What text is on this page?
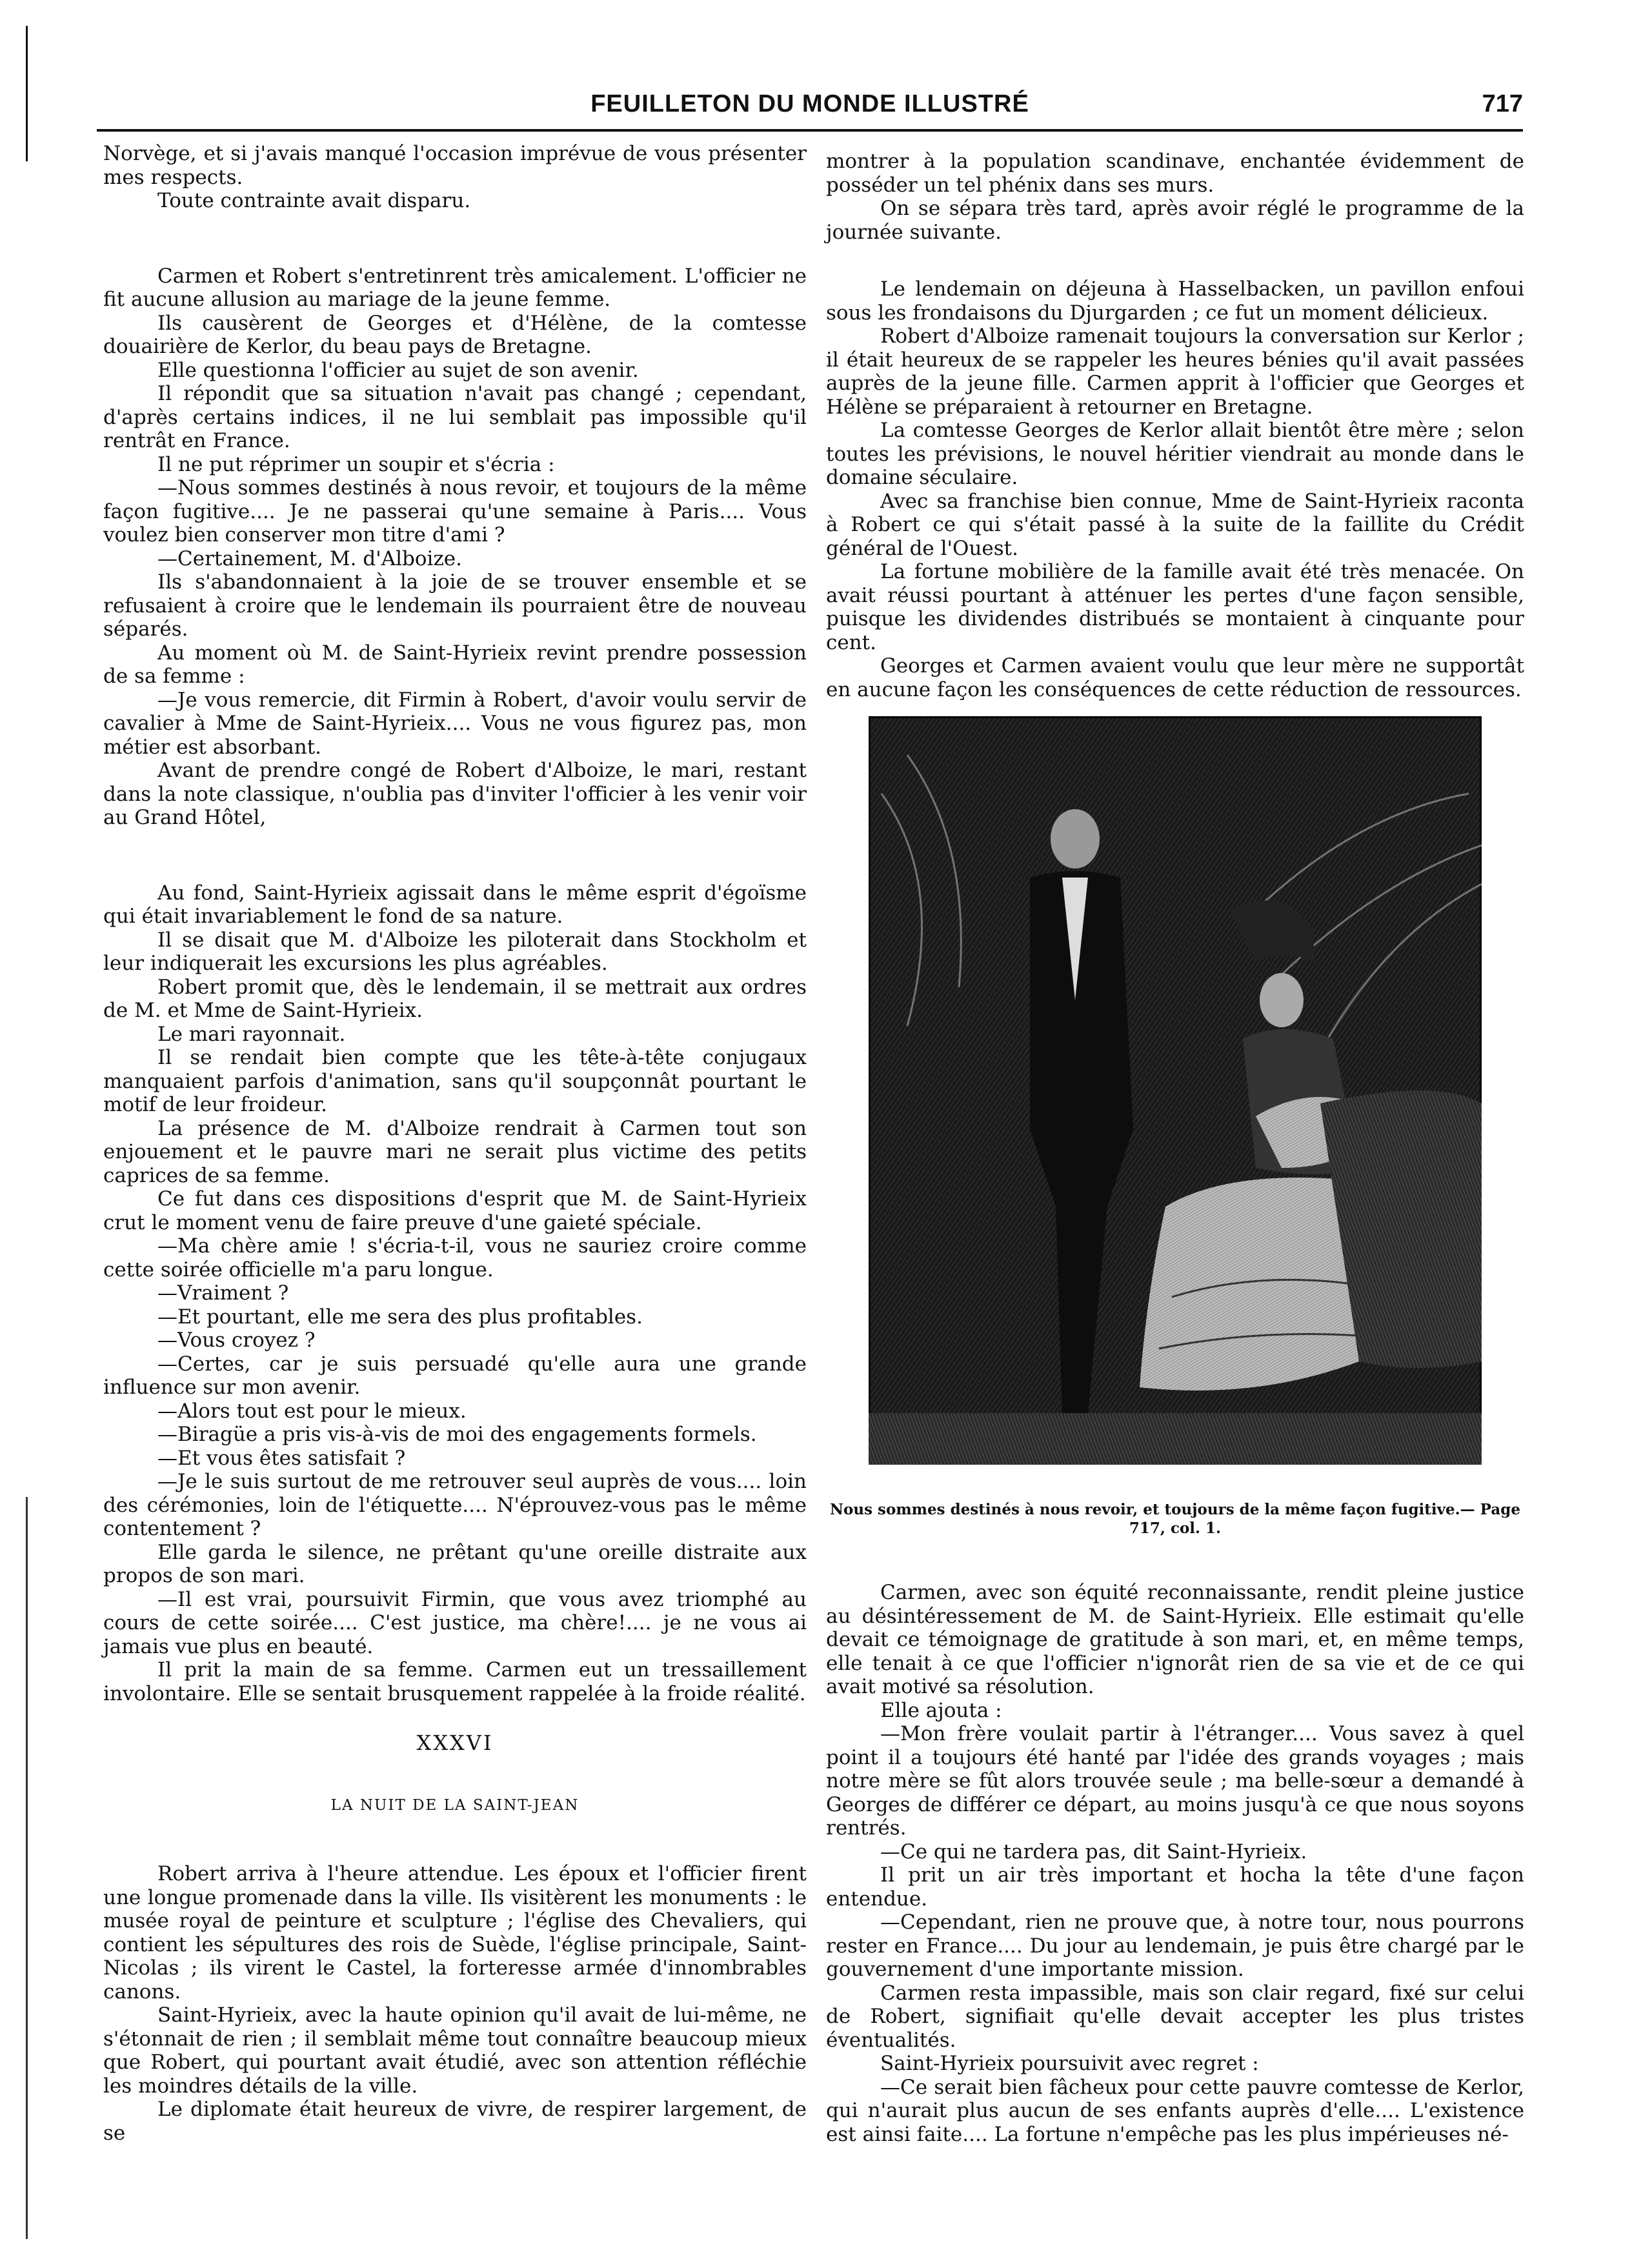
FEUILLETON DU MONDE ILLUSTRÉ	717

Norvège, et si j'avais manqué l'occasion imprévue de vous présenter mes respects.

Toute contrainte avait disparu.

Carmen et Robert s'entretinrent très amicalement. L'officier ne fit aucune allusion au mariage de la jeune femme.

Ils causèrent de Georges et d'Hélène, de la comtesse douairière de Kerlor, du beau pays de Bretagne.

Elle questionna l'officier au sujet de son avenir.

Il répondit que sa situation n'avait pas changé ; cependant, d'après certains indices, il ne lui semblait pas impossible qu'il rentrât en France.

Il ne put réprimer un soupir et s'écria :

—Nous sommes destinés à nous revoir, et toujours de la même façon fugitive.... Je ne passerai qu'une semaine à Paris.... Vous voulez bien conserver mon titre d'ami ?

—Certainement, M. d'Alboize.

Ils s'abandonnaient à la joie de se trouver ensemble et se refusaient à croire que le lendemain ils pourraient être de nouveau séparés.

Au moment où M. de Saint-Hyrieix revint prendre possession de sa femme :

—Je vous remercie, dit Firmin à Robert, d'avoir voulu servir de cavalier à Mme de Saint-Hyrieix.... Vous ne vous figurez pas, mon métier est absorbant.

Avant de prendre congé de Robert d'Alboize, le mari, restant dans la note classique, n'oublia pas d'inviter l'officier à les venir voir au Grand Hôtel,

Au fond, Saint-Hyrieix agissait dans le même esprit d'égoïsme qui était invariablement le fond de sa nature.

Il se disait que M. d'Alboize les piloterait dans Stockholm et leur indiquerait les excursions les plus agréables.

Robert promit que, dès le lendemain, il se mettrait aux ordres de M. et Mme de Saint-Hyrieix.

Le mari rayonnait.

Il se rendait bien compte que les tête-à-tête conjugaux manquaient parfois d'animation, sans qu'il soupçonnât pourtant le motif de leur froideur.

La présence de M. d'Alboize rendrait à Carmen tout son enjouement et le pauvre mari ne serait plus victime des petits caprices de sa femme.

Ce fut dans ces dispositions d'esprit que M. de Saint-Hyrieix crut le moment venu de faire preuve d'une gaieté spéciale.

—Ma chère amie ! s'écria-t-il, vous ne sauriez croire comme cette soirée officielle m'a paru longue.

—Vraiment ?

—Et pourtant, elle me sera des plus profitables.

—Vous croyez ?

—Certes, car je suis persuadé qu'elle aura une grande influence sur mon avenir.

—Alors tout est pour le mieux.

—Biragüe a pris vis-à-vis de moi des engagements formels.

—Et vous êtes satisfait ?

—Je le suis surtout de me retrouver seul auprès de vous.... loin des cérémonies, loin de l'étiquette.... N'éprouvez-vous pas le même contentement ?

Elle garda le silence, ne prêtant qu'une oreille distraite aux propos de son mari.

—Il est vrai, poursuivit Firmin, que vous avez triomphé au cours de cette soirée.... C'est justice, ma chère!.... je ne vous ai jamais vue plus en beauté.

Il prit la main de sa femme. Carmen eut un tressaillement involontaire. Elle se sentait brusquement rappelée à la froide réalité.

XXXVI

LA NUIT DE LA SAINT-JEAN

Robert arriva à l'heure attendue. Les époux et l'officier firent une longue promenade dans la ville. Ils visitèrent les monuments : le musée royal de peinture et sculpture ; l'église des Chevaliers, qui contient les sépultures des rois de Suède, l'église principale, Saint-Nicolas ; ils virent le Castel, la forteresse armée d'innombrables canons.

Saint-Hyrieix, avec la haute opinion qu'il avait de lui-même, ne s'étonnait de rien ; il semblait même tout connaître beaucoup mieux que Robert, qui pourtant avait étudié, avec son attention réfléchie les moindres détails de la ville.

Le diplomate était heureux de vivre, de respirer largement, de se

montrer à la population scandinave, enchantée évidemment de posséder un tel phénix dans ses murs.

On se sépara très tard, après avoir réglé le programme de la journée suivante.

Le lendemain on déjeuna à Hasselbacken, un pavillon enfoui sous les frondaisons du Djurgarden ; ce fut un moment délicieux.

Robert d'Alboize ramenait toujours la conversation sur Kerlor ; il était heureux de se rappeler les heures bénies qu'il avait passées auprès de la jeune fille. Carmen apprit à l'officier que Georges et Hélène se préparaient à retourner en Bretagne.

La comtesse Georges de Kerlor allait bientôt être mère ; selon toutes les prévisions, le nouvel héritier viendrait au monde dans le domaine séculaire.

Avec sa franchise bien connue, Mme de Saint-Hyrieix raconta à Robert ce qui s'était passé à la suite de la faillite du Crédit général de l'Ouest.

La fortune mobilière de la famille avait été très menacée. On avait réussi pourtant à atténuer les pertes d'une façon sensible, puisque les dividendes distribués se montaient à cinquante pour cent.

Georges et Carmen avaient voulu que leur mère ne supportât en aucune façon les conséquences de cette réduction de ressources.

Nous sommes destinés à nous revoir, et toujours de la même façon fugitive.— Page 717, col. 1.

Carmen, avec son équité reconnaissante, rendit pleine justice au désintéressement de M. de Saint-Hyrieix. Elle estimait qu'elle devait ce témoignage de gratitude à son mari, et, en même temps, elle tenait à ce que l'officier n'ignorât rien de sa vie et de ce qui avait motivé sa résolution.

Elle ajouta :

—Mon frère voulait partir à l'étranger.... Vous savez à quel point il a toujours été hanté par l'idée des grands voyages ; mais notre mère se fût alors trouvée seule ; ma belle-sœur a demandé à Georges de différer ce départ, au moins jusqu'à ce que nous soyons rentrés.

—Ce qui ne tardera pas, dit Saint-Hyrieix.

Il prit un air très important et hocha la tête d'une façon entendue.

—Cependant, rien ne prouve que, à notre tour, nous pourrons rester en France.... Du jour au lendemain, je puis être chargé par le gouvernement d'une importante mission.

Carmen resta impassible, mais son clair regard, fixé sur celui de Robert, signifiait qu'elle devait accepter les plus tristes éventualités.

Saint-Hyrieix poursuivit avec regret :

—Ce serait bien fâcheux pour cette pauvre comtesse de Kerlor, qui n'aurait plus aucun de ses enfants auprès d'elle.... L'existence est ainsi faite.... La fortune n'empêche pas les plus impérieuses né-
